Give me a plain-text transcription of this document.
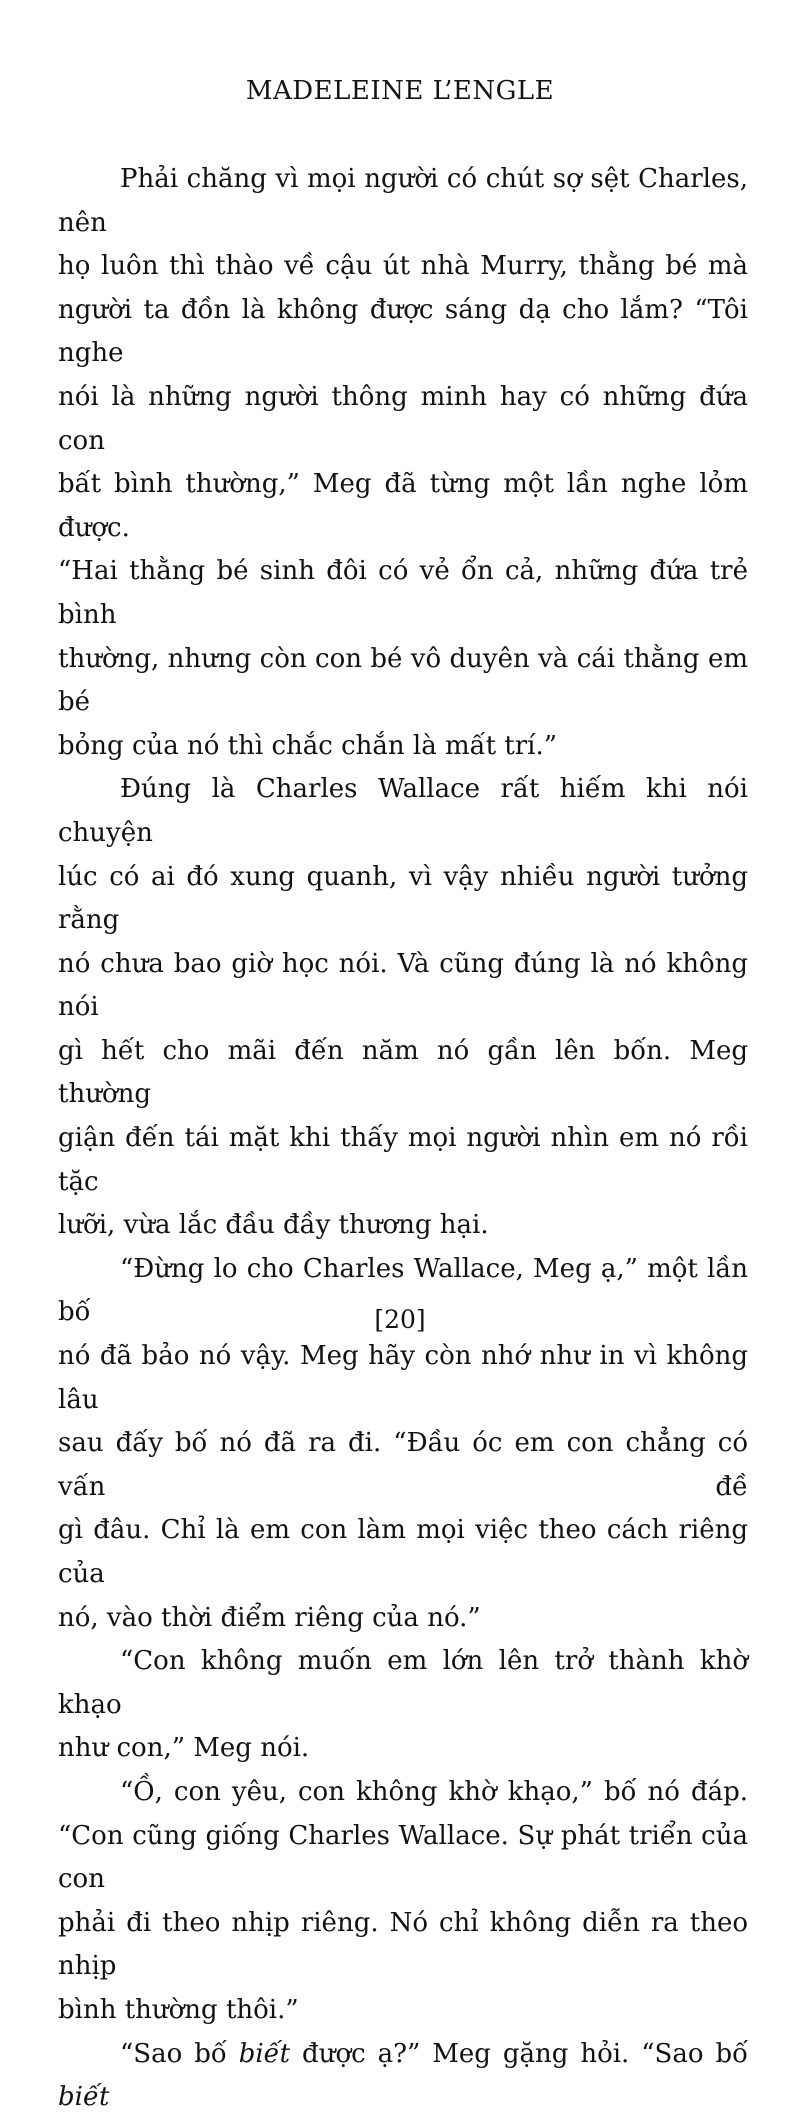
MADELEINE L’ENGLE
Phải chăng vì mọi người có chút sợ sệt Charles, nên
họ luôn thì thào về cậu út nhà Murry, thằng bé mà
người ta đồn là không được sáng dạ cho lắm? “Tôi nghe
nói là những người thông minh hay có những đứa con
bất bình thường,” Meg đã từng một lần nghe lỏm được.
“Hai thằng bé sinh đôi có vẻ ổn cả, những đứa trẻ bình
thường, nhưng còn con bé vô duyên và cái thằng em bé
bỏng của nó thì chắc chắn là mất trí.”
Đúng là Charles Wallace rất hiếm khi nói chuyện
lúc có ai đó xung quanh, vì vậy nhiều người tưởng rằng
nó chưa bao giờ học nói. Và cũng đúng là nó không nói
gì hết cho mãi đến năm nó gần lên bốn. Meg thường
giận đến tái mặt khi thấy mọi người nhìn em nó rồi tặc
lưỡi, vừa lắc đầu đầy thương hại.
“Đừng lo cho Charles Wallace, Meg ạ,” một lần bố
nó đã bảo nó vậy. Meg hãy còn nhớ như in vì không lâu
sau đấy bố nó đã ra đi. “Đầu óc em con chẳng có vấn đề
gì đâu. Chỉ là em con làm mọi việc theo cách riêng của
nó, vào thời điểm riêng của nó.”
“Con không muốn em lớn lên trở thành khờ khạo
như con,” Meg nói.
“Ồ, con yêu, con không khờ khạo,” bố nó đáp.
“Con cũng giống Charles Wallace. Sự phát triển của con
phải đi theo nhịp riêng. Nó chỉ không diễn ra theo nhịp
bình thường thôi.”
“Sao bố biết được ạ?” Meg gặng hỏi. “Sao bố biết
[20]
